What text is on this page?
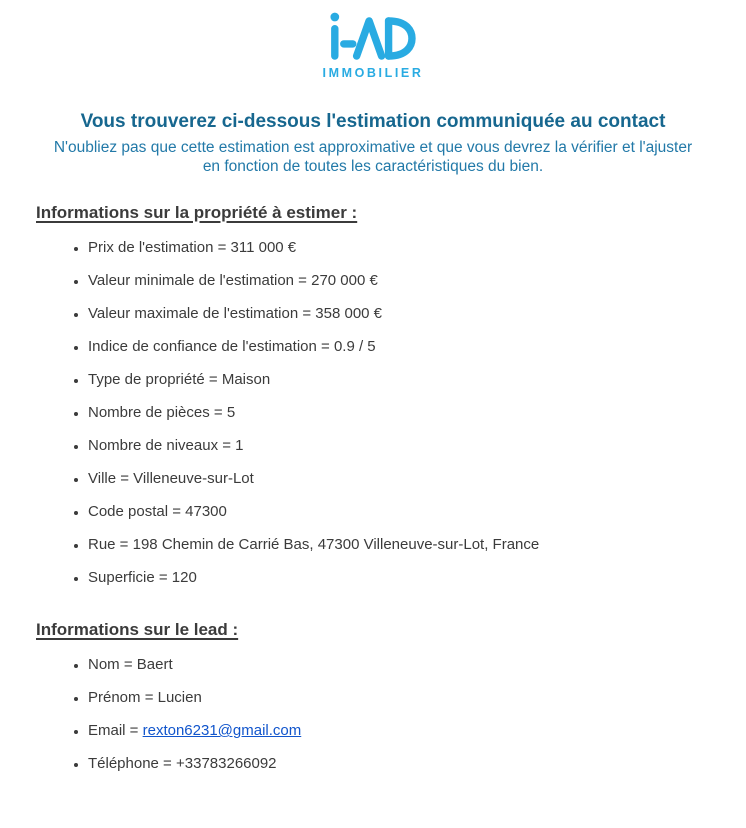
IMMOBILIER
Vous trouverez ci-dessous l'estimation communiquée au contact
N'oubliez pas que cette estimation est approximative et que vous devrez la vérifier et l'ajuster
en fonction de toutes les caractéristiques du bien.
Informations sur la propriété à estimer :
• Prix de l'estimation = 311 000 €
• Valeur minimale de l'estimation = 270 000 €
• Valeur maximale de l'estimation = 358 000 €
• Indice de confiance de l'estimation = 0.9 / 5
• Type de propriété = Maison
• Nombre de pièces = 5
• Nombre de niveaux = 1
• Ville = Villeneuve-sur-Lot
• Code postal = 47300
• Rue = 198 Chemin de Carrié Bas, 47300 Villeneuve-sur-Lot, France
• Superficie = 120
Informations sur le lead :
• Nom = Baert
• Prénom = Lucien
• Email = rexton6231@gmail.com
• Téléphone = +33783266092
